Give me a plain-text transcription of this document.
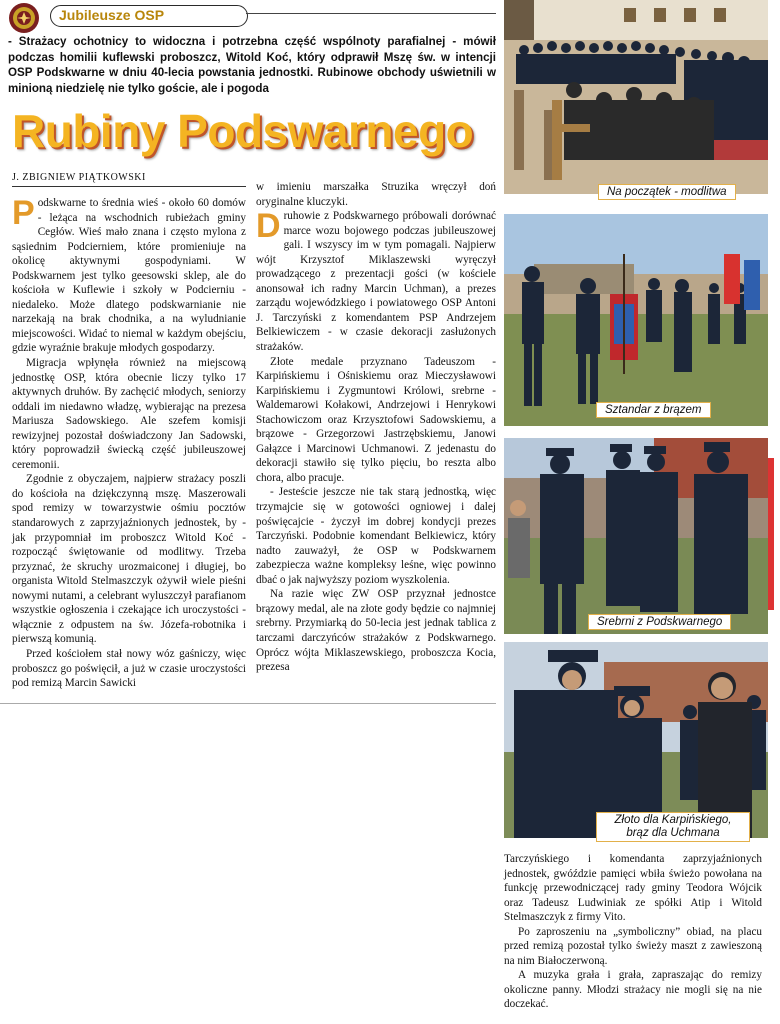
Jubileusze OSP
- Strażacy ochotnicy to widoczna i potrzebna część wspólnoty parafialnej - mówił podczas homilii kuflewski proboszcz, Witold Koć, który odprawił Mszę św. w intencji OSP Podskwarne w dniu 40-lecia powstania jednostki. Rubinowe obchody uświetnili w minioną niedzielę nie tylko goście, ale i pogoda
Rubiny Podswarnego
J. ZBIGNIEW PIĄTKOWSKI

Podskwarne to średnia wieś - około 60 domów - leżąca na wschodnich rubieżach gminy Cegłów. Wieś mało znana i często mylona z sąsiednim Podcierniem, które promieniuje na okolicę aktywnymi gospodyniami. W Podskwarnem jest tylko geesowski sklep, ale do kościoła w Kuflewie i szkoły w Podcierniu - niedaleko. Może dlatego podskwarnianie nie narzekają na brak chodnika, a na wyludnianie miejscowości. Widać to niemal w każdym obejściu, gdzie wyraźnie brakuje młodych gospodarzy.

Migracja wpłynęła również na miejscową jednostkę OSP, która obecnie liczy tylko 17 aktywnych druhów. By zachęcić młodych, seniorzy oddali im niedawno władzę, wybierając na prezesa Mariusza Sadowskiego. Ale szefem komisji rewizyjnej pozostał doświadczony Jan Sadowski, który poprowadził świecką część jubileuszowej ceremonii.

Zgodnie z obyczajem, najpierw strażacy poszli do kościoła na dziękczynną mszę. Maszerowali spod remizy w towarzystwie ośmiu pocztów standarowych z zaprzyjaźnionych jednostek, by - jak przypomniał im proboszcz Witold Koć - rozpocząć świętowanie od modlitwy. Trzeba przyznać, że skruchy urozmaiconej i długiej, bo organista Witold Stelmaszczyk ożywił wiele pieśni nowymi nutami, a celebrant wyluszczył parafianom wszystkie ogłoszenia i czekające ich uroczystości - włącznie z odpustem na św. Józefa-robotnika i pierwszą komunią.

Przed kościołem stał nowy wóz gaśniczy, więc proboszcz go poświęcił, a już w czasie uroczystości pod remizą Marcin Sawicki

w imieniu marszałka Struzika wręczył doń oryginalne kluczyki.

Druhowie z Podskwarnego próbowali dorównać marce wozu bojowego podczas jubileuszowej gali. I wszyscy im w tym pomagali. Najpierw wójt Krzysztof Miklaszewski wyręczył prowadzącego z prezentacji gości (w kościele anonsował ich radny Marcin Uchman), a prezes zarządu wojewódzkiego i powiatowego OSP Antoni J. Tarczyński z komendantem PSP Andrzejem Belkiewiczem - w czasie dekoracji zasłużonych strażaków.

Złote medale przyznano Tadeuszom - Karpińskiemu i Ośniskiemu oraz Mieczysławowi Karpińskiemu i Zygmuntowi Królowi, srebrne - Waldemarowi Kołakowi, Andrzejowi i Henrykowi Stachowiczom oraz Krzysztofowi Sadowskiemu, a brązowe - Grzegorzowi Jastrzębskiemu, Janowi Gałązce i Marcinowi Uchmanowi. Z jedenastu do dekoracji stawiło się tylko pięciu, bo reszta albo chora, albo pracuje.

- Jesteście jeszcze nie tak starą jednostką, więc trzymajcie się w gotowości ogniowej i dalej poświęcajcie - życzył im dobrej kondycji prezes Tarczyński. Podobnie komendant Belkiewicz, który nadto zauważył, że OSP w Podskwarnem zabezpiecza ważne kompleksy leśne, więc powinno dbać o jak najwyższy poziom wyszkolenia.

Na razie więc ZW OSP przyznał jednostce brązowy medal, ale na złote gody będzie co najmniej srebrny. Przymiarką do 50-lecia jest jednak tablica z tarczami darczyńców strażaków z Podskwarnego. Oprócz wójta Miklaszewskiego, proboszcza Kocia, prezesa

Na początek - modlitwa
Sztandar z brązem
Srebrni z Podskwarnego
Złoto dla Karpińskiego, brąz dla Uchmana

Tarczyńskiego i komendanta zaprzyjaźnionych jednostek, gwóździe pamięci wbiła świeżo powołana na funkcję przewodniczącej rady gminy Teodora Wójcik oraz Tadeusz Ludwiniak ze spółki Atip i Witold Stelmaszczyk z firmy Vito.

Po zaproszeniu na „symboliczny” obiad, na placu przed remizą pozostał tylko świeży maszt z zawieszoną na nim Białoczerwoną.

A muzyka grała i grała, zapraszając do remizy okoliczne panny. Młodzi strażacy nie mogli się na nie doczekać.
